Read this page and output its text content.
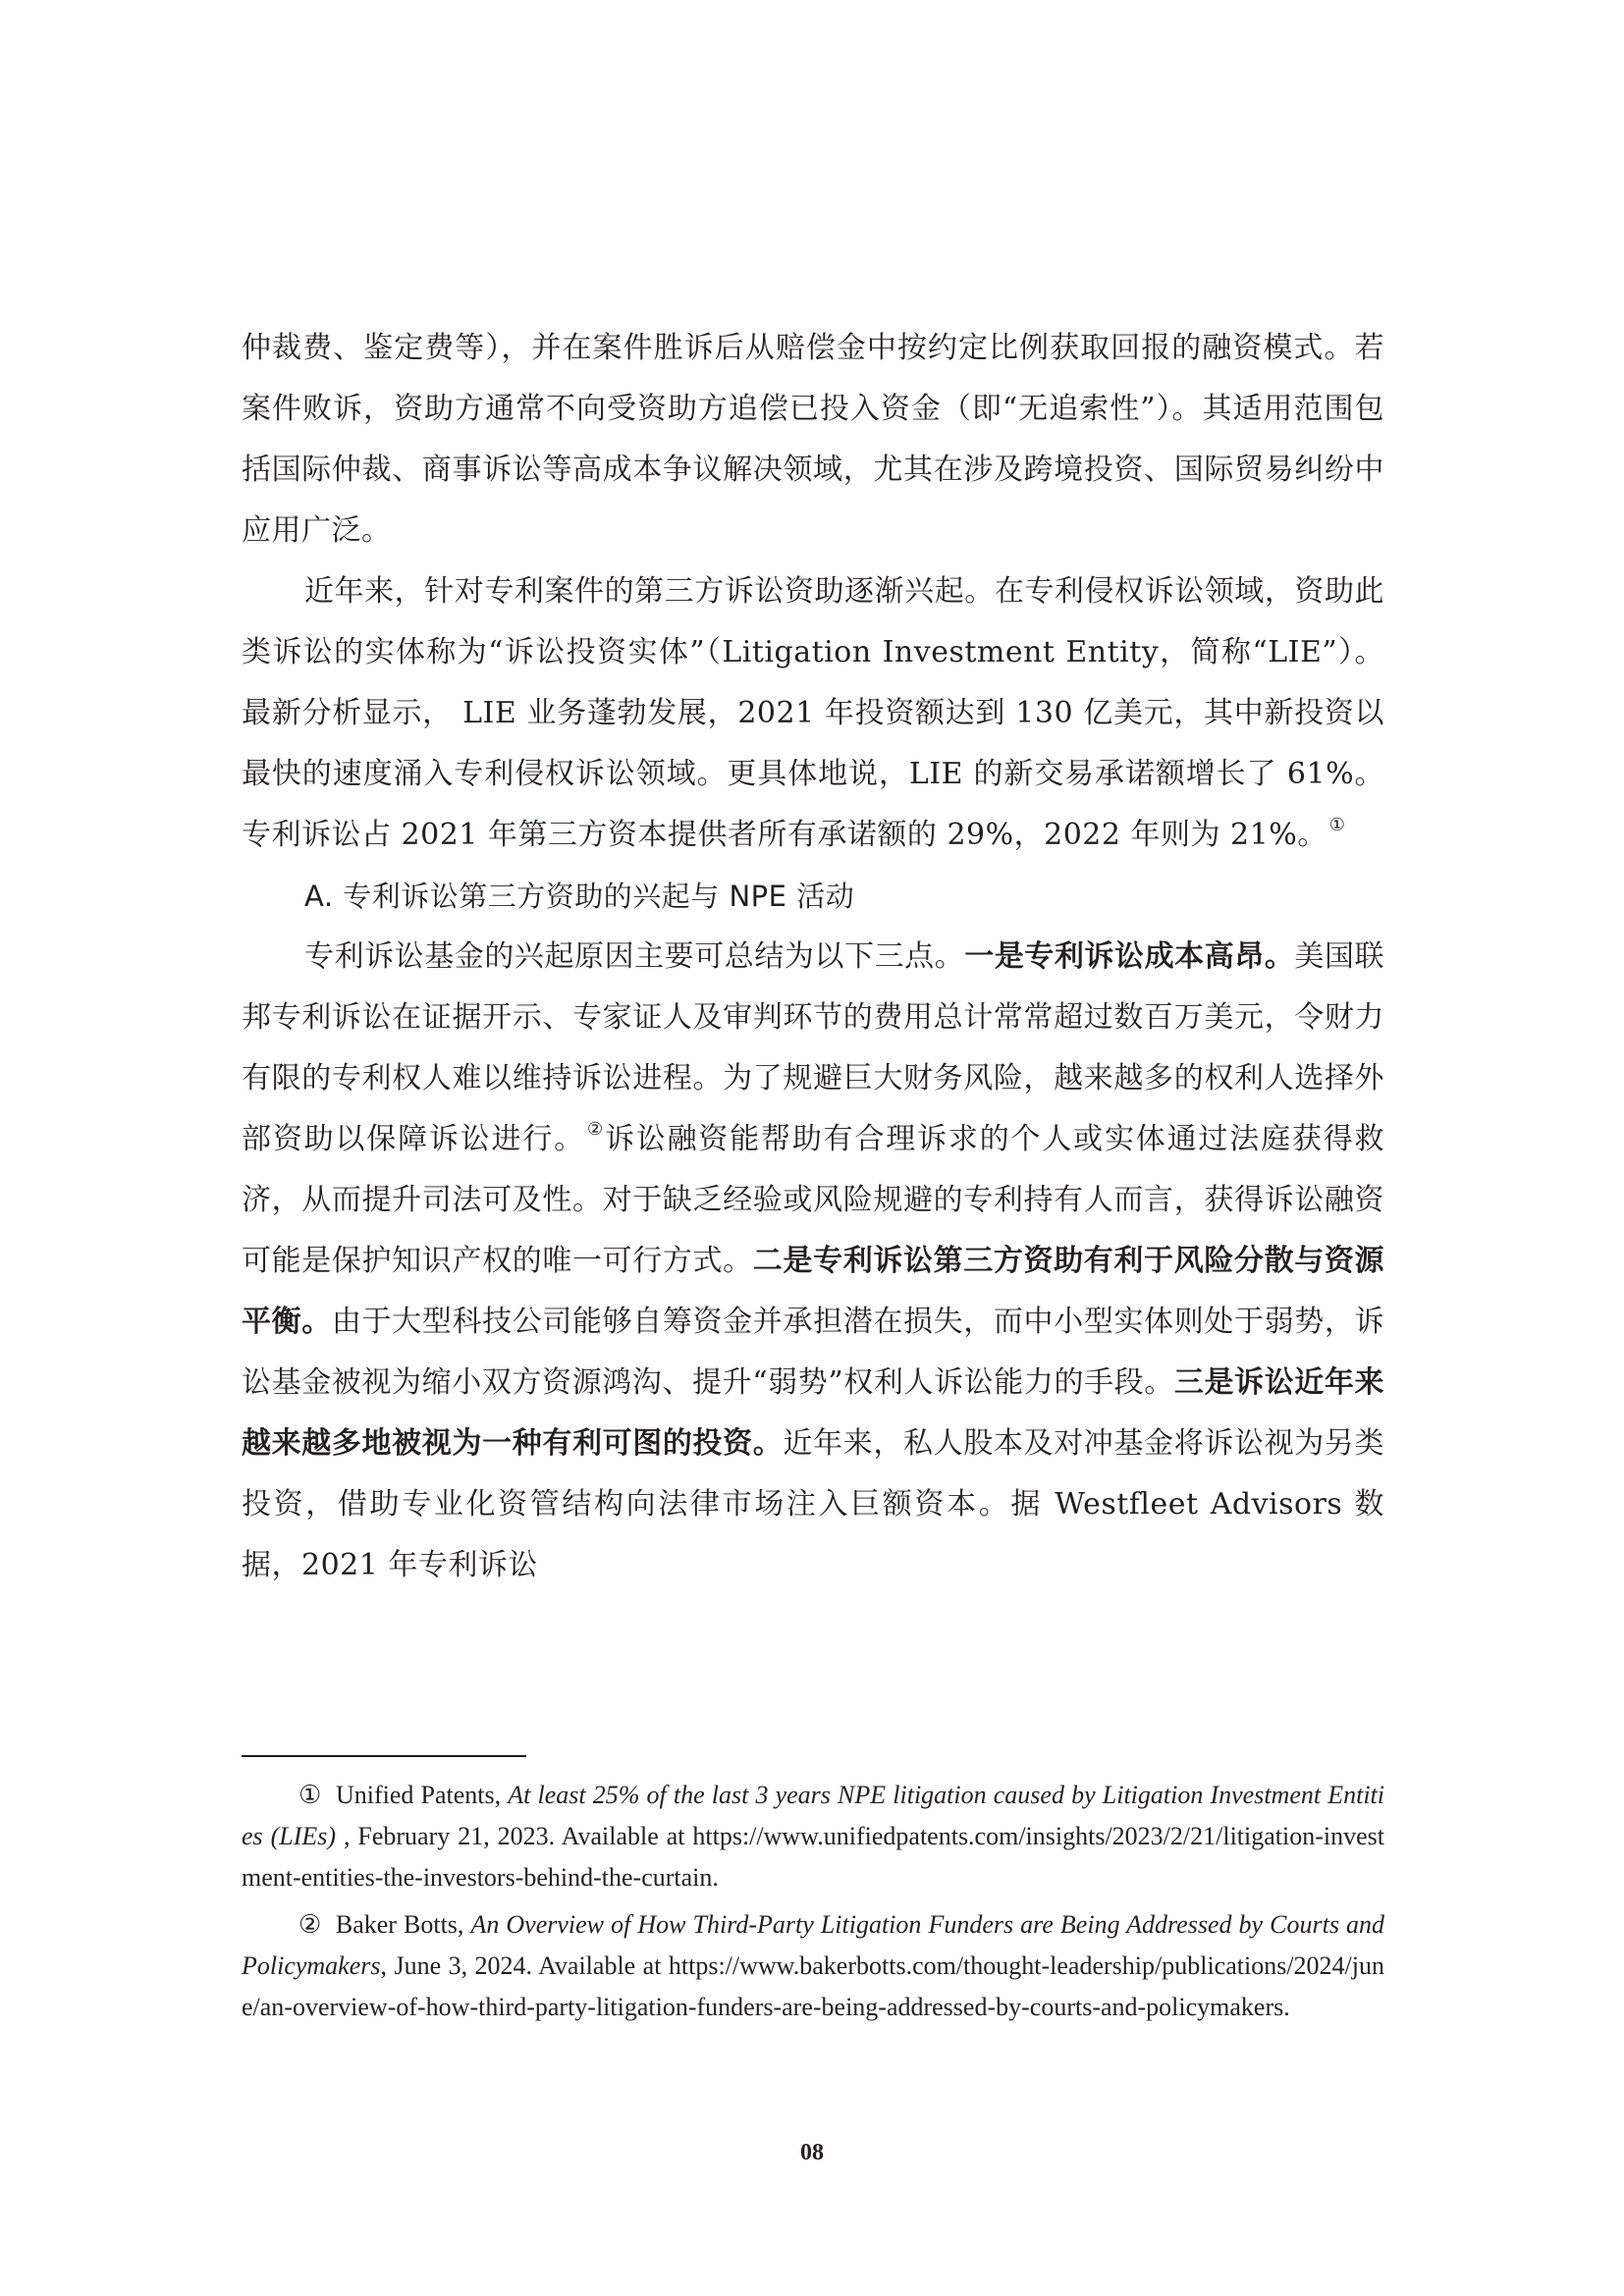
仲裁费、鉴定费等），并在案件胜诉后从赔偿金中按约定比例获取回报的融资模式。若案件败诉，资助方通常不向受资助方追偿已投入资金（即“无追索性”）。其适用范围包括国际仲裁、商事诉讼等高成本争议解决领域，尤其在涉及跨境投资、国际贸易纠纷中应用广泛。

近年来，针对专利案件的第三方诉讼资助逐渐兴起。在专利侵权诉讼领域，资助此类诉讼的实体称为“诉讼投资实体”（Litigation Investment Entity，简称“LIE”）。最新分析显示， LIE 业务蓬勃发展，2021 年投资额达到 130 亿美元，其中新投资以最快的速度涌入专利侵权诉讼领域。更具体地说，LIE 的新交易承诺额增长了 61%。专利诉讼占 2021 年第三方资本提供者所有承诺额的 29%，2022 年则为 21%。 ①

A. 专利诉讼第三方资助的兴起与 NPE 活动

专利诉讼基金的兴起原因主要可总结为以下三点。一是专利诉讼成本高昂。美国联邦专利诉讼在证据开示、专家证人及审判环节的费用总计常常超过数百万美元，令财力有限的专利权人难以维持诉讼进程。为了规避巨大财务风险，越来越多的权利人选择外部资助以保障诉讼进行。 ②诉讼融资能帮助有合理诉求的个人或实体通过法庭获得救济，从而提升司法可及性。对于缺乏经验或风险规避的专利持有人而言，获得诉讼融资可能是保护知识产权的唯一可行方式。二是专利诉讼第三方资助有利于风险分散与资源平衡。由于大型科技公司能够自筹资金并承担潜在损失，而中小型实体则处于弱势，诉讼基金被视为缩小双方资源鸿沟、提升“弱势”权利人诉讼能力的手段。三是诉讼近年来越来越多地被视为一种有利可图的投资。近年来，私人股本及对冲基金将诉讼视为另类投资，借助专业化资管结构向法律市场注入巨额资本。据 Westfleet Advisors 数据，2021 年专利诉讼

① Unified Patents, At least 25% of the last 3 years NPE litigation caused by Litigation Investment Entities (LIEs) , February 21, 2023. Available at https://www.unifiedpatents.com/insights/2023/2/21/litigation-investment-entities-the-investors-behind-the-curtain.

② Baker Botts, An Overview of How Third-Party Litigation Funders are Being Addressed by Courts and Policymakers, June 3, 2024. Available at https://www.bakerbotts.com/thought-leadership/publications/2024/june/an-overview-of-how-third-party-litigation-funders-are-being-addressed-by-courts-and-policymakers.

08
